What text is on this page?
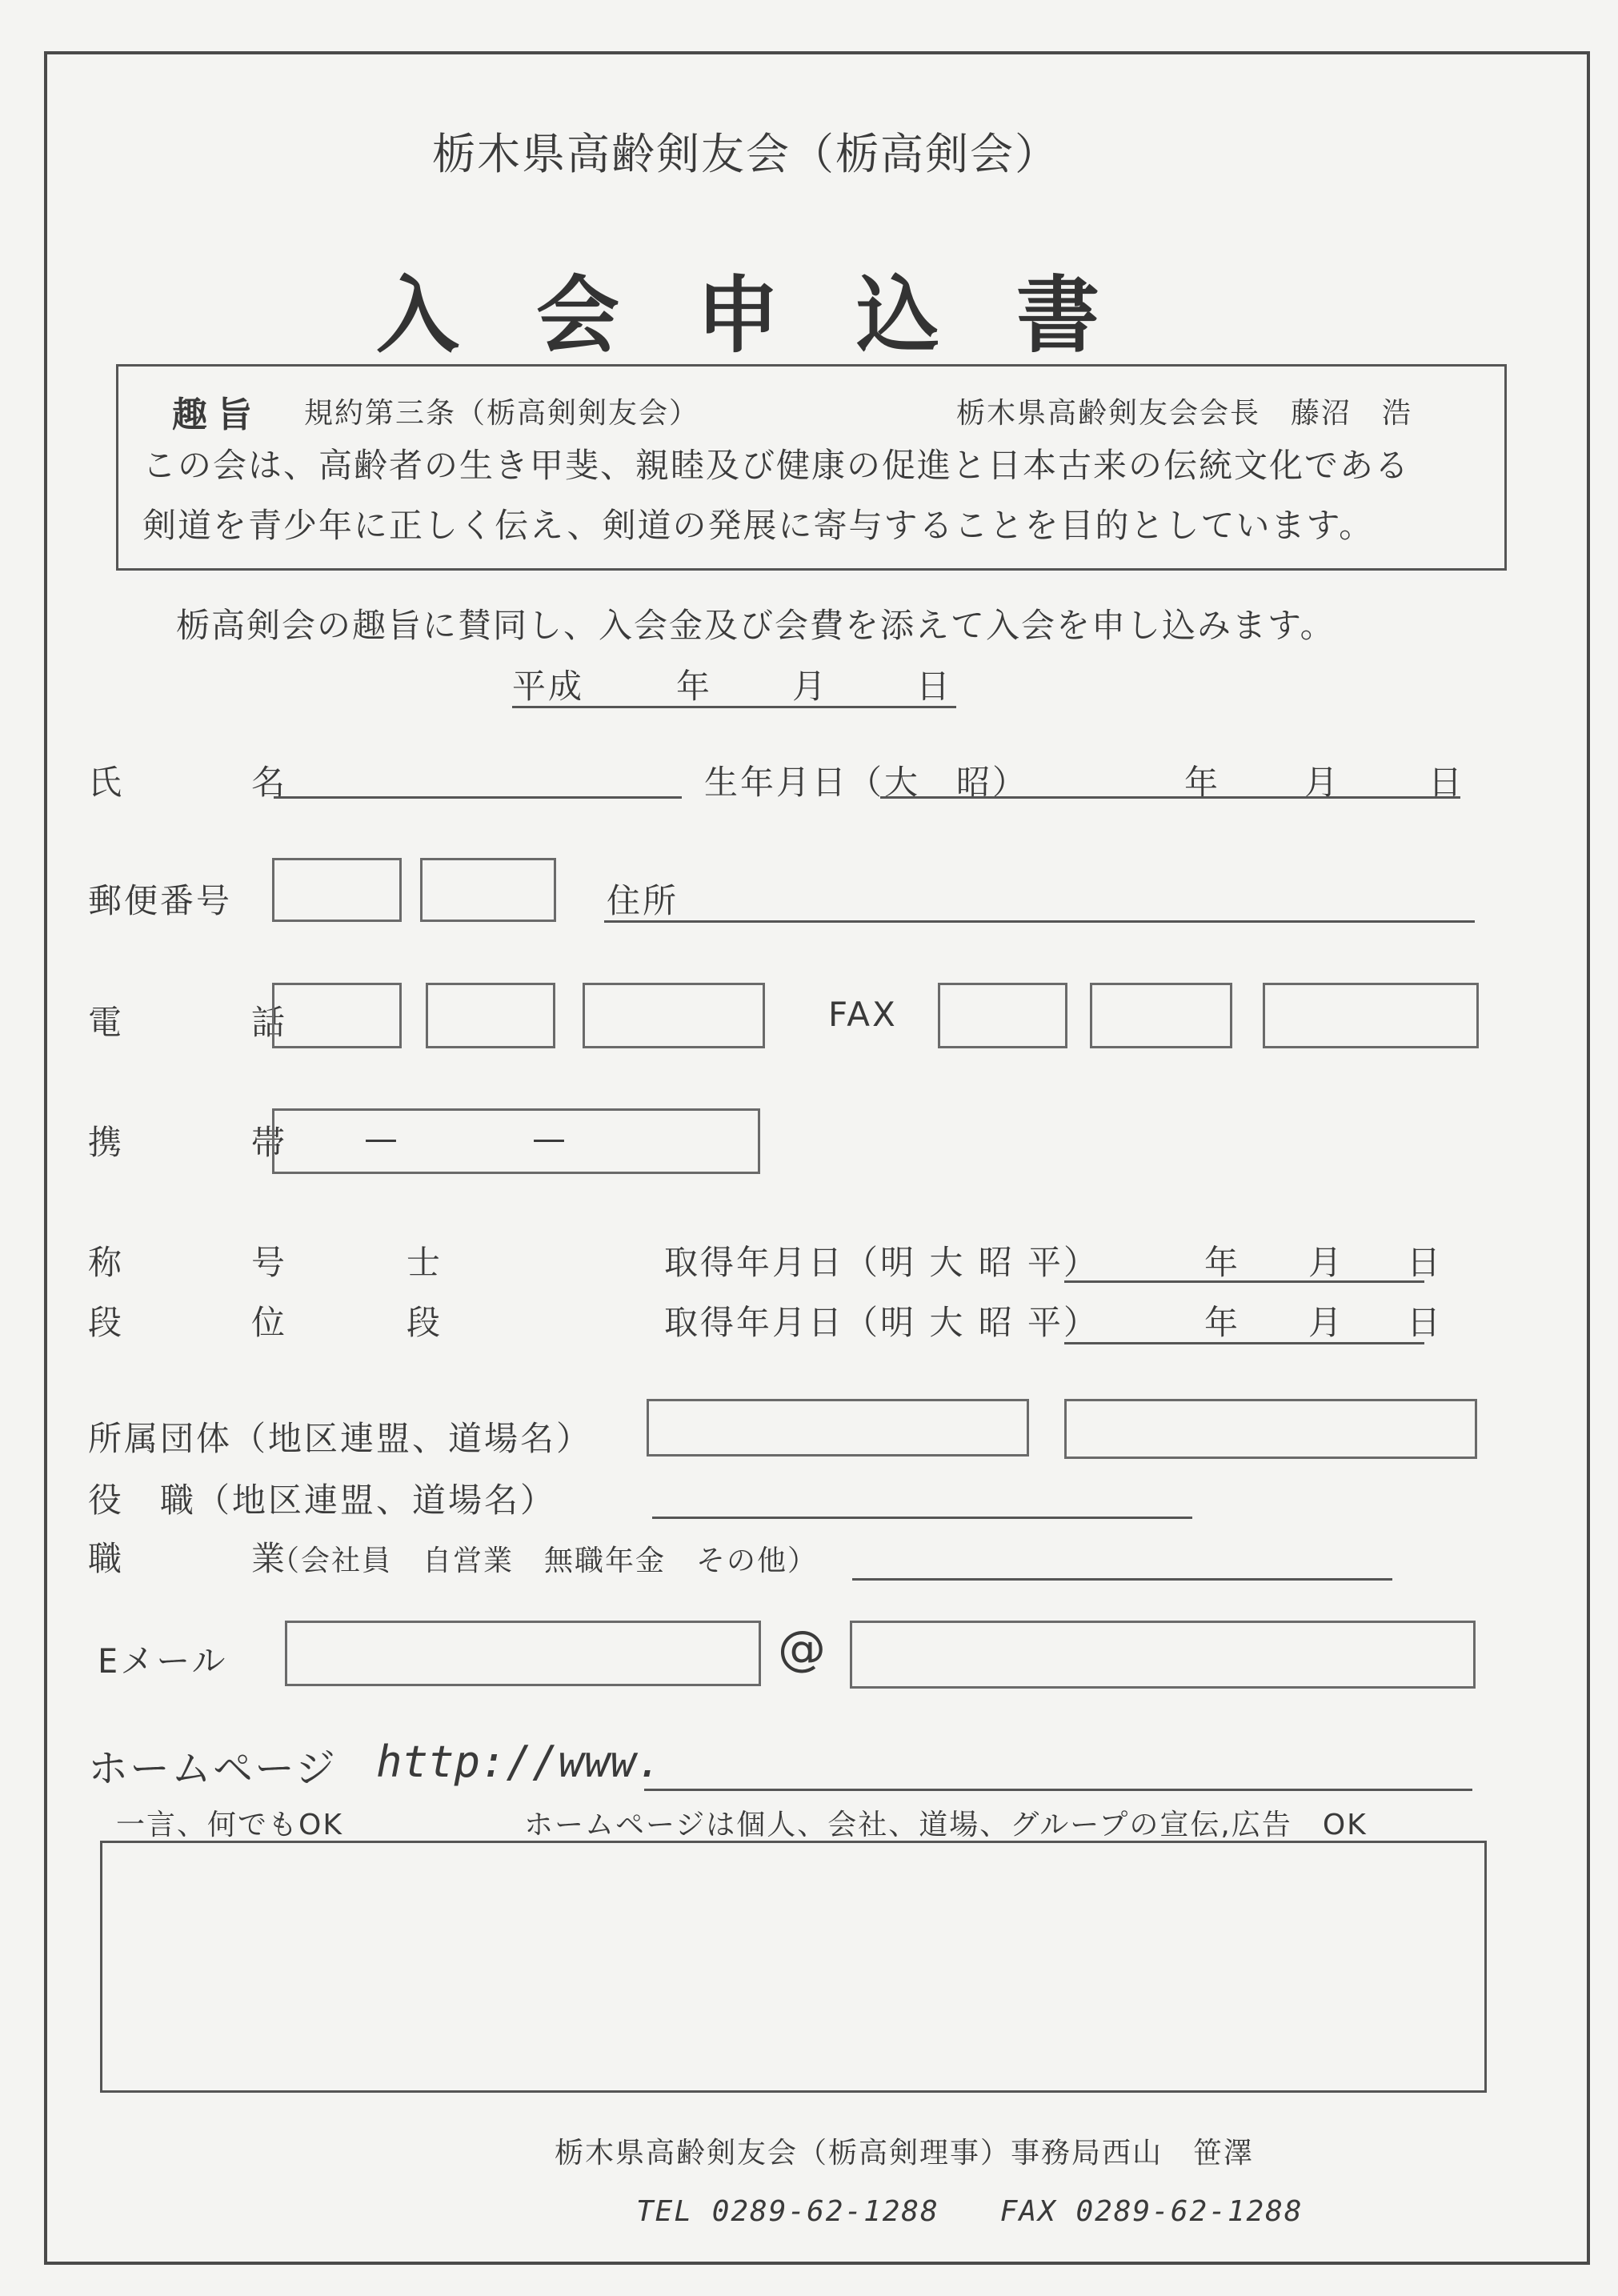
栃木県高齢剣友会（栃高剣会）
入会申込書
趣旨 規約第三条（栃高剣剣友会）	栃木県高齢剣友会会長　藤沼　浩
この会は、高齢者の生き甲斐、親睦及び健康の促進と日本古来の伝統文化である
剣道を青少年に正しく伝え、剣道の発展に寄与することを目的としています。
栃高剣会の趣旨に賛同し、入会金及び会費を添えて入会を申し込みます。
平成	年 月	日
氏　名	生年月日（大　昭）	年 月	日
郵便番号	住所
電　話	FAX
携　帯 —	—
称　号 士	取得年月日（明 大 昭 平）	年 月 日
段　位 段	取得年月日（明 大 昭 平）	年 月 日
所属団体（地区連盟、道場名）
役　職（地区連盟、道場名）
職　業
（会社員　自営業　無職年金　その他）
Eメール	@
ホームページ http://www.
一言、何でもOK	ホームページは個人、会社、道場、グループの宣伝,広告　OK
栃木県高齢剣友会（栃高剣理事）事務局西山　笹澤
TEL 0289-62-1288　　FAX 0289-62-1288
